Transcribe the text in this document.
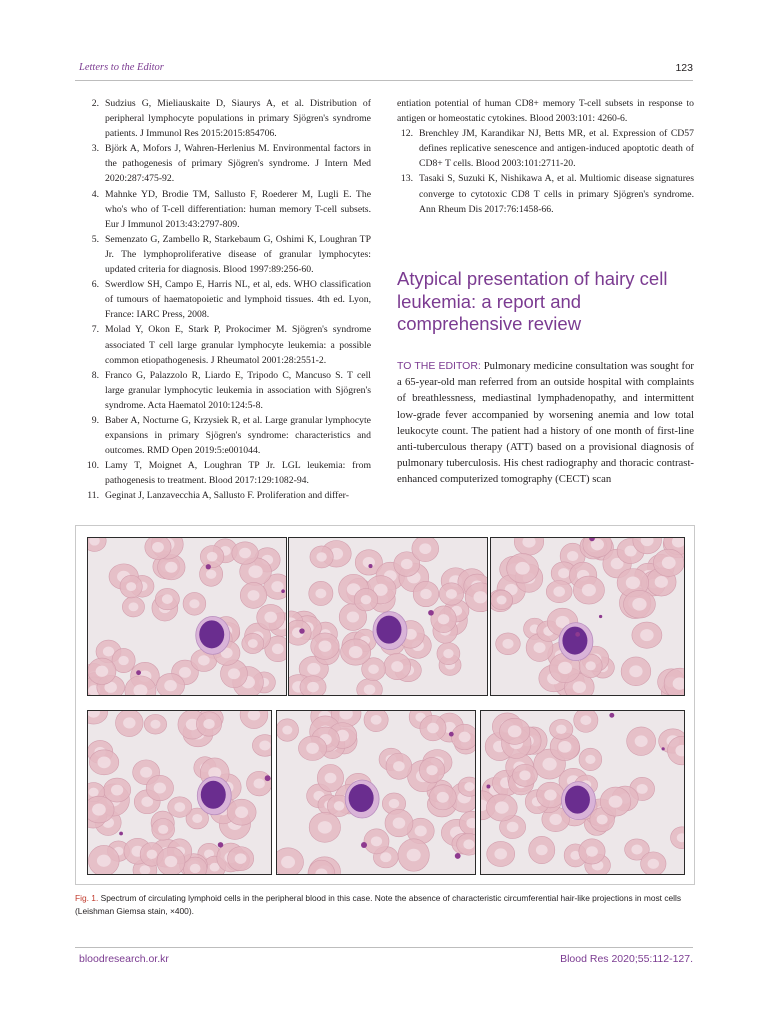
Letters to the Editor	123
2. Sudzius G, Mieliauskaite D, Siaurys A, et al. Distribution of peripheral lymphocyte populations in primary Sjögren's syndrome patients. J Immunol Res 2015:2015:854706.
3. Björk A, Mofors J, Wahren-Herlenius M. Environmental factors in the pathogenesis of primary Sjögren's syndrome. J Intern Med 2020:287:475-92.
4. Mahnke YD, Brodie TM, Sallusto F, Roederer M, Lugli E. The who's who of T-cell differentiation: human memory T-cell subsets. Eur J Immunol 2013:43:2797-809.
5. Semenzato G, Zambello R, Starkebaum G, Oshimi K, Loughran TP Jr. The lymphoproliferative disease of granular lymphocytes: updated criteria for diagnosis. Blood 1997:89:256-60.
6. Swerdlow SH, Campo E, Harris NL, et al, eds. WHO classification of tumours of haematopoietic and lymphoid tissues. 4th ed. Lyon, France: IARC Press, 2008.
7. Molad Y, Okon E, Stark P, Prokocimer M. Sjögren's syndrome associated T cell large granular lymphocyte leukemia: a possible common etiopathogenesis. J Rheumatol 2001:28:2551-2.
8. Franco G, Palazzolo R, Liardo E, Tripodo C, Mancuso S. T cell large granular lymphocytic leukemia in association with Sjögren's syndrome. Acta Haematol 2010:124:5-8.
9. Baber A, Nocturne G, Krzysiek R, et al. Large granular lymphocyte expansions in primary Sjögren's syndrome: characteristics and outcomes. RMD Open 2019:5:e001044.
10. Lamy T, Moignet A, Loughran TP Jr. LGL leukemia: from pathogenesis to treatment. Blood 2017:129:1082-94.
11. Geginat J, Lanzavecchia A, Sallusto F. Proliferation and differ-
entiation potential of human CD8+ memory T-cell subsets in response to antigen or homeostatic cytokines. Blood 2003:101: 4260-6.
12. Brenchley JM, Karandikar NJ, Betts MR, et al. Expression of CD57 defines replicative senescence and antigen-induced apoptotic death of CD8+ T cells. Blood 2003:101:2711-20.
13. Tasaki S, Suzuki K, Nishikawa A, et al. Multiomic disease signatures converge to cytotoxic CD8 T cells in primary Sjögren's syndrome. Ann Rheum Dis 2017:76:1458-66.
Atypical presentation of hairy cell leukemia: a report and comprehensive review
TO THE EDITOR: Pulmonary medicine consultation was sought for a 65-year-old man referred from an outside hospital with complaints of breathlessness, mediastinal lymphadenopathy, and intermittent low-grade fever accompanied by worsening anemia and low total leukocyte count. The patient had a history of one month of first-line anti-tuberculous therapy (ATT) based on a provisional diagnosis of pulmonary tuberculosis. His chest radiography and thoracic contrast-enhanced computerized tomography (CECT) scan
Fig. 1. Spectrum of circulating lymphoid cells in the peripheral blood in this case. Note the absence of characteristic circumferential hair-like projections in most cells (Leishman Giemsa stain, ×400).
bloodresearch.or.kr	Blood Res 2020;55:112-127.
